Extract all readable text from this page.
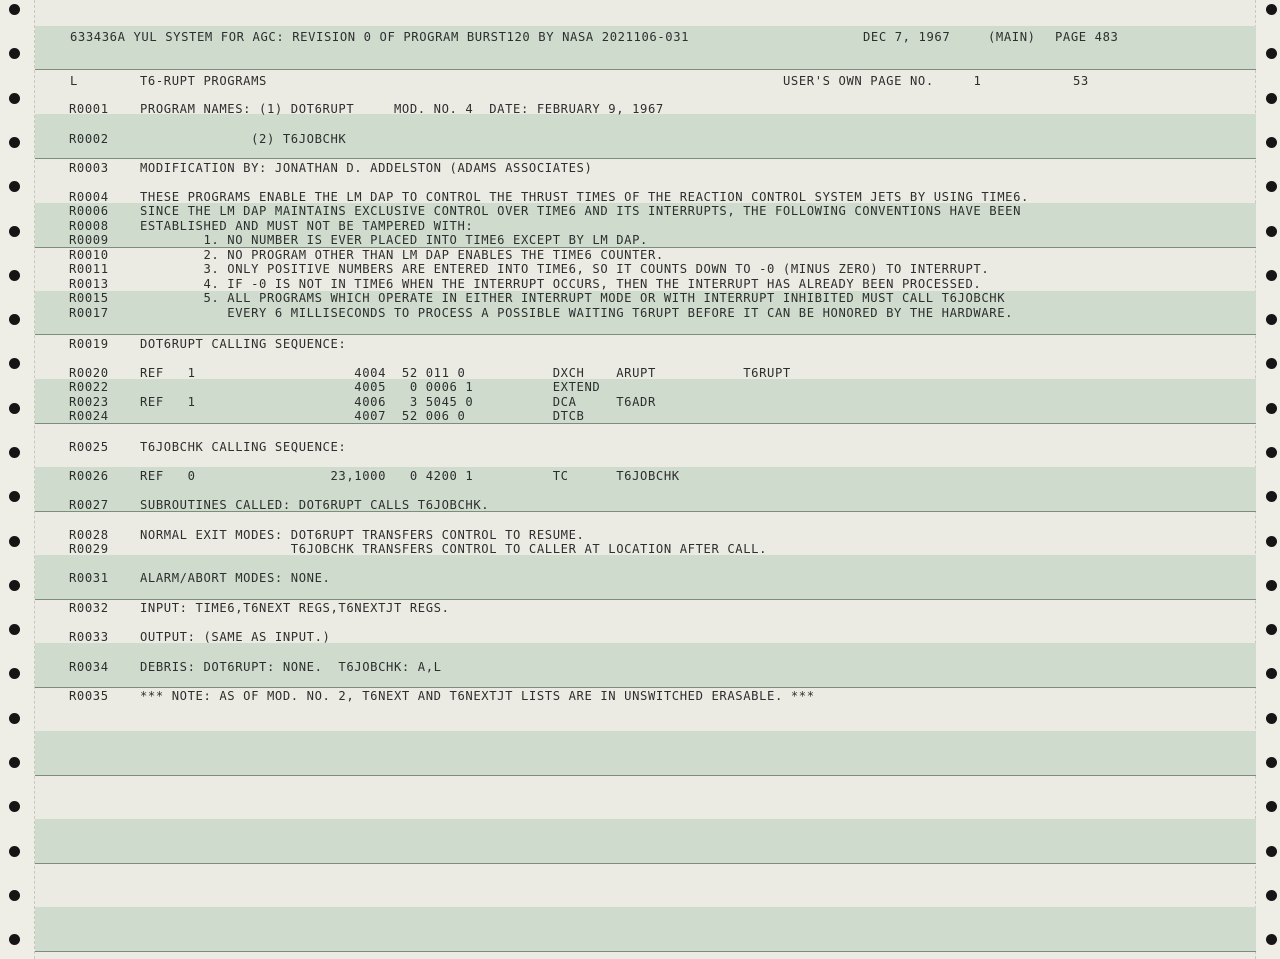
633436A YUL SYSTEM FOR AGC: REVISION 0 OF PROGRAM BURST120 BY NASA 2021106-031	DEC 7, 1967	(MAIN) PAGE 483
L	T6-RUPT PROGRAMS	USER'S OWN PAGE NO.     1	53
R0001	PROGRAM NAMES: (1) DOT6RUPT     MOD. NO. 4  DATE: FEBRUARY 9, 1967
R0002	(2) T6JOBCHK
R0003	MODIFICATION BY: JONATHAN D. ADDELSTON (ADAMS ASSOCIATES)
R0004	THESE PROGRAMS ENABLE THE LM DAP TO CONTROL THE THRUST TIMES OF THE REACTION CONTROL SYSTEM JETS BY USING TIME6.
R0006	SINCE THE LM DAP MAINTAINS EXCLUSIVE CONTROL OVER TIME6 AND ITS INTERRUPTS, THE FOLLOWING CONVENTIONS HAVE BEEN
R0008	ESTABLISHED AND MUST NOT BE TAMPERED WITH:
R0009	1. NO NUMBER IS EVER PLACED INTO TIME6 EXCEPT BY LM DAP.
R0010	2. NO PROGRAM OTHER THAN LM DAP ENABLES THE TIME6 COUNTER.
R0011	3. ONLY POSITIVE NUMBERS ARE ENTERED INTO TIME6, SO IT COUNTS DOWN TO -0 (MINUS ZERO) TO INTERRUPT.
R0013	4. IF -0 IS NOT IN TIME6 WHEN THE INTERRUPT OCCURS, THEN THE INTERRUPT HAS ALREADY BEEN PROCESSED.
R0015	5. ALL PROGRAMS WHICH OPERATE IN EITHER INTERRUPT MODE OR WITH INTERRUPT INHIBITED MUST CALL T6JOBCHK
R0017	EVERY 6 MILLISECONDS TO PROCESS A POSSIBLE WAITING T6RUPT BEFORE IT CAN BE HONORED BY THE HARDWARE.
R0019	DOT6RUPT CALLING SEQUENCE:
R0020	REF   1                    4004  52 011 0           DXCH    ARUPT           T6RUPT
R0022	4005   0 0006 1          EXTEND
R0023	REF   1                    4006   3 5045 0          DCA     T6ADR
R0024	4007  52 006 0           DTCB
R0025	T6JOBCHK CALLING SEQUENCE:
R0026	REF   0                 23,1000   0 4200 1          TC      T6JOBCHK
R0027	SUBROUTINES CALLED: DOT6RUPT CALLS T6JOBCHK.
R0028	NORMAL EXIT MODES: DOT6RUPT TRANSFERS CONTROL TO RESUME.
R0029	T6JOBCHK TRANSFERS CONTROL TO CALLER AT LOCATION AFTER CALL.
R0031	ALARM/ABORT MODES: NONE.
R0032	INPUT: TIME6,T6NEXT REGS,T6NEXTJT REGS.
R0033	OUTPUT: (SAME AS INPUT.)
R0034	DEBRIS: DOT6RUPT: NONE.  T6JOBCHK: A,L
R0035	*** NOTE: AS OF MOD. NO. 2, T6NEXT AND T6NEXTJT LISTS ARE IN UNSWITCHED ERASABLE. ***
